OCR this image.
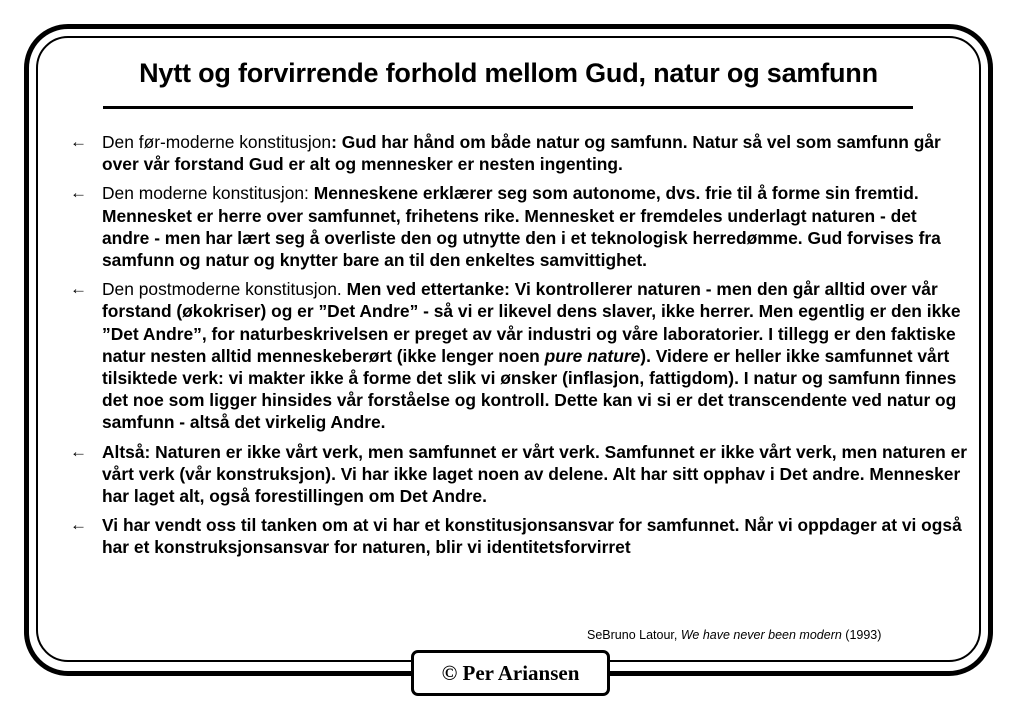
Nytt og forvirrende forhold mellom Gud, natur og samfunn
← Den før-moderne konstitusjon: Gud har hånd om både natur og samfunn. Natur så vel som samfunn går over vår forstand Gud er alt og mennesker er nesten ingenting.
← Den moderne konstitusjon: Menneskene erklærer seg som autonome, dvs. frie til å forme sin fremtid. Mennesket er herre over samfunnet, frihetens rike. Mennesket er fremdeles underlagt naturen - det andre - men har lært seg å overliste den og utnytte den i et teknologisk herredømme. Gud forvises fra samfunn og natur og knytter bare an til den enkeltes samvittighet.
← Den postmoderne konstitusjon. Men ved ettertanke: Vi kontrollerer naturen - men den går alltid over vår forstand (økokriser) og er ”Det Andre” - så vi er likevel dens slaver, ikke herrer. Men egentlig er den ikke ”Det Andre”, for naturbeskrivelsen er preget av vår industri og våre laboratorier. I tillegg er den faktiske natur nesten alltid menneskeberørt (ikke lenger noen pure nature). Videre er heller ikke samfunnet vårt tilsiktede verk: vi makter ikke å forme det slik vi ønsker (inflasjon, fattigdom). I natur og samfunn finnes det noe som ligger hinsides vår forståelse og kontroll. Dette kan vi si er det transcendente ved natur og samfunn - altså det virkelig Andre.
← Altså: Naturen er ikke vårt verk, men samfunnet er vårt verk. Samfunnet er ikke vårt verk, men naturen er vårt verk (vår konstruksjon). Vi har ikke laget noen av delene. Alt har sitt opphav i Det andre. Mennesker har laget alt, også forestillingen om Det Andre.
← Vi har vendt oss til tanken om at vi har et konstitusjonsansvar for samfunnet. Når vi oppdager at vi også har et konstruksjonsansvar for naturen, blir vi identitetsforvirret
SeBruno Latour, We have never been modern (1993)
© Per Ariansen
